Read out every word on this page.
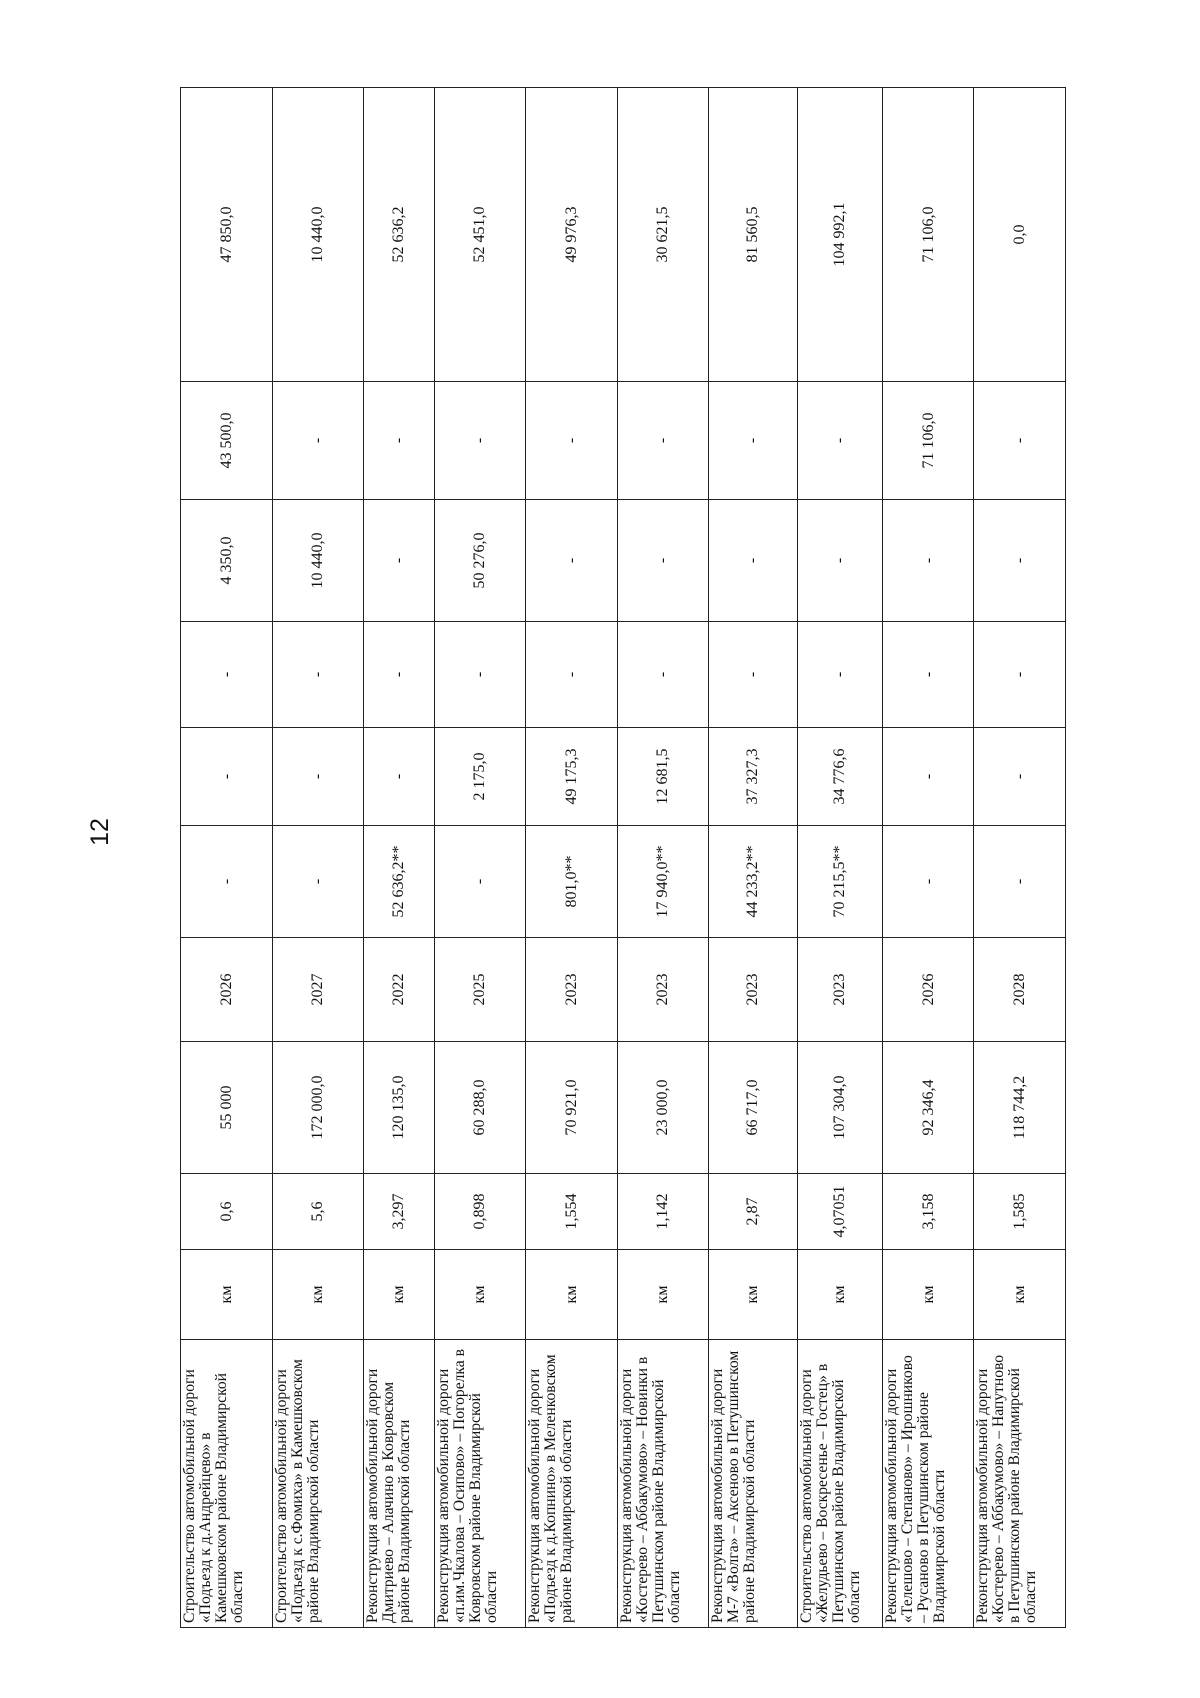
12
Строительство автомобильной дороги «Подъезд к д.Андрейцево» в Камешковском районе Владимирской области	км	0,6	55 000	2026	-	-	-	4 350,0	43 500,0	47 850,0
Строительство автомобильной дороги «Подъезд к с.Фомиха» в Камешковском районе Владимирской области	км	5,6	172 000,0	2027	-	-	-	10 440,0	-	10 440,0
Реконструкция автомобильной дороги Дмитриево – Алачино в Ковровском районе Владимирской области	км	3,297	120 135,0	2022	52 636,2**	-	-	-	-	52 636,2
Реконструкция автомобильной дороги «п.им.Чкалова – Осипово» – Погорелка в Ковровском районе Владимирской области	км	0,898	60 288,0	2025	-	2 175,0	-	50 276,0	-	52 451,0
Реконструкция автомобильной дороги «Подъезд к д.Копнино» в Меленковском районе Владимирской области	км	1,554	70 921,0	2023	801,0**	49 175,3	-	-	-	49 976,3
Реконструкция автомобильной дороги «Костерево – Аббакумово» – Новинки в Петушинском районе Владимирской области	км	1,142	23 000,0	2023	17 940,0**	12 681,5	-	-	-	30 621,5
Реконструкция автомобильной дороги М-7 «Волга» – Аксеново в Петушинском районе Владимирской области	км	2,87	66 717,0	2023	44 233,2**	37 327,3	-	-	-	81 560,5
Строительство автомобильной дороги «Желудьево – Воскресенье – Гостец» в Петушинском районе Владимирской области	км	4,07051	107 304,0	2023	70 215,5**	34 776,6	-	-	-	104 992,1
Реконструкция автомобильной дороги «Телешово – Степаново» – Ирошниково – Русаново в Петушинском районе Владимирской области	км	3,158	92 346,4	2026	-	-	-	-	71 106,0	71 106,0
Реконструкция автомобильной дороги «Костерево – Аббакумово» – Напутново в Петушинском районе Владимирской области	км	1,585	118 744,2	2028	-	-	-	-	-	0,0
